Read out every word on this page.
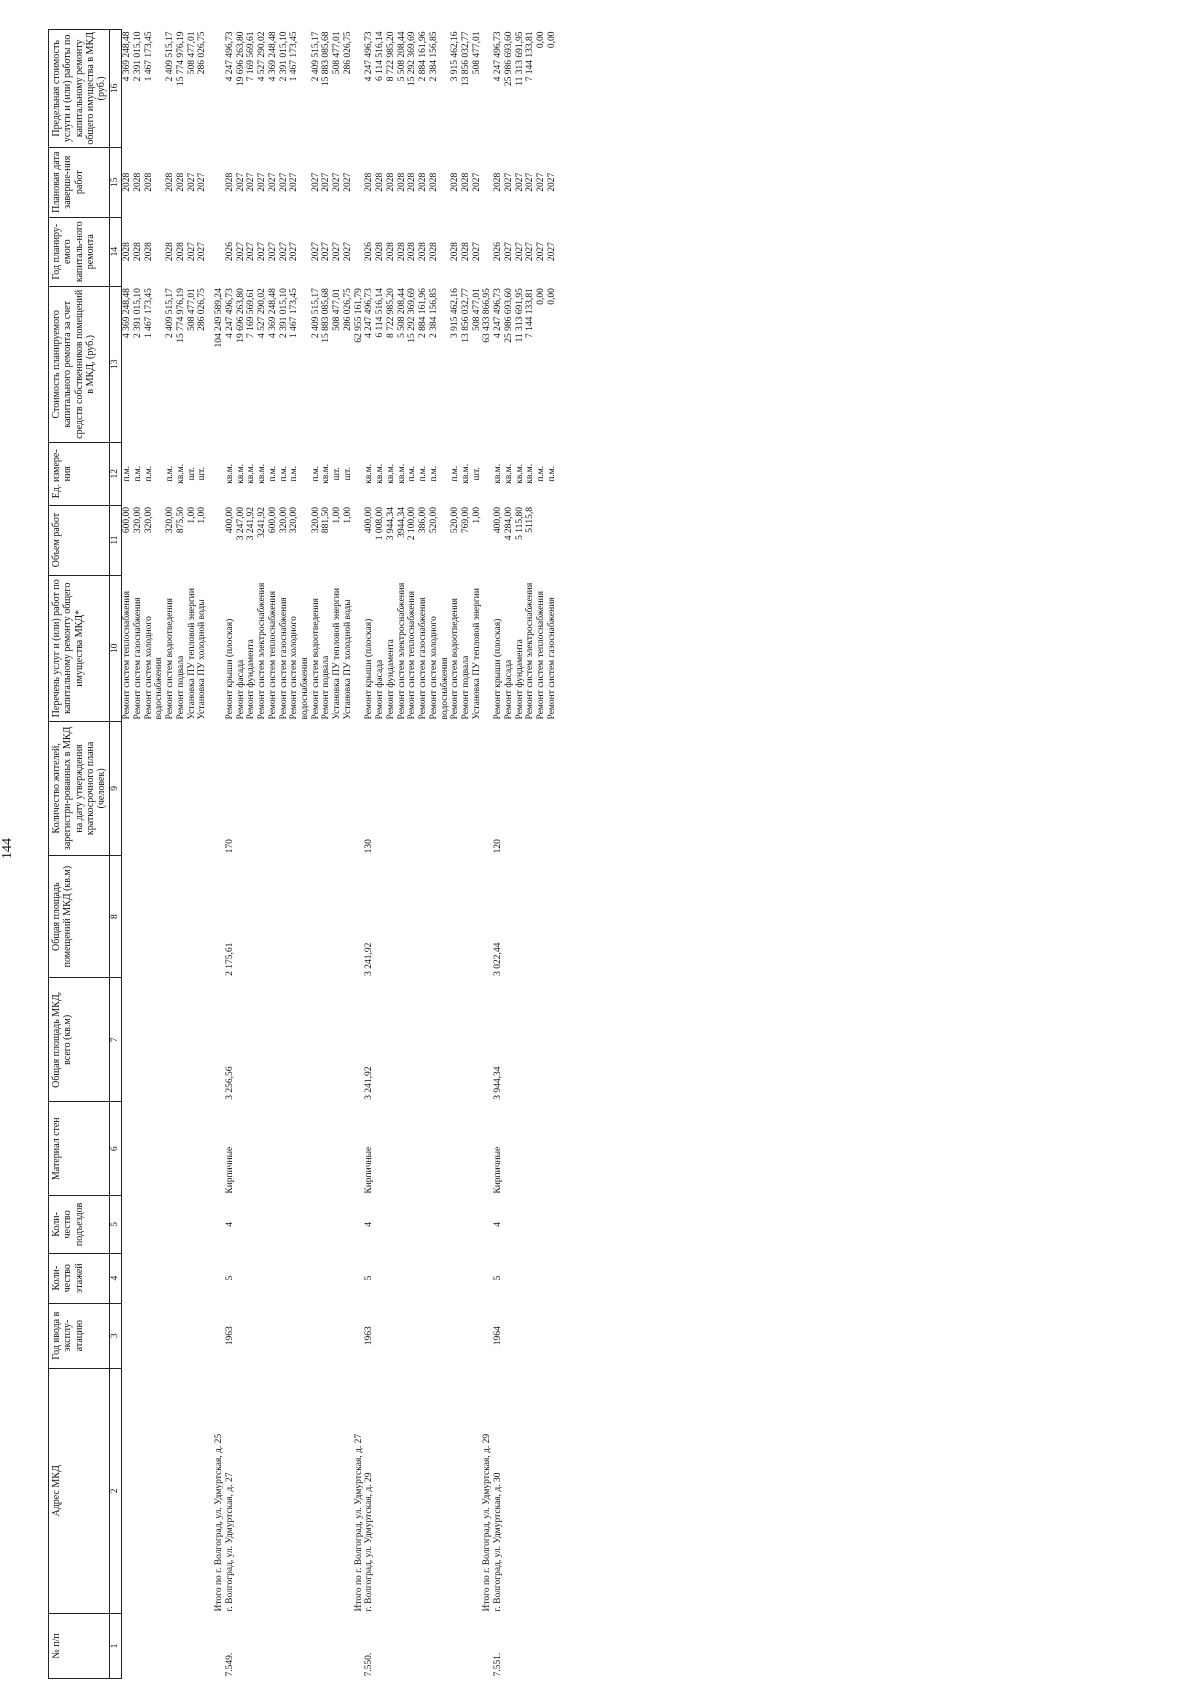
144
№ п/п	Адрес МКД	Год ввода в эксплу-атацию	Коли-чество этажей	Коли-чество подъездов	Материал стен	Общая площадь МКД, всего (кв.м)	Общая площадь помещений МКД (кв.м)	Количество жителей, зарегистри-рованных в МКД на дату утверждения краткосрочного плана (человек)	Перечень услуг и (или) работ по капитальному ремонту общего имущества МКД*	Объем работ	Ед. измере-ния	Стоимость планируемого капитального ремонта за счет средств собственников помещений в МКД, (руб.)	Год планиру-емого капиталь-ного ремонта	Плановая дата заверше-ния работ	Предельная стоимость услуги и (или) работы по капитальному ремонту общего имущества в МКД (руб.)
1	2	3	4	5	6	7	8	9	10	11	12	13	14	15	16
									Ремонт систем теплоснабжения	600,00	п.м.	4 369 248,48	2028	2028	4 369 248,48
									Ремонт систем газоснабжения	320,00	п.м.	2 391 015,10	2028	2028	2 391 015,10
									Ремонт систем холодного водоснабжения	320,00	п.м.	1 467 173,45	2028	2028	1 467 173,45
									Ремонт систем водоотведения	320,00	п.м.	2 409 515,17	2028	2028	2 409 515,17
									Ремонт подвала	875,50	кв.м.	15 774 976,19	2028	2028	15 774 976,19
									Установка ПУ тепловой энергии	1,00	шт.	508 477,01	2027	2027	508 477,01
									Установка ПУ холодной воды	1,00	шт.	286 026,75	2027	2027	286 026,75
	Итого по г. Волгоград, ул. Удмуртская, д. 25											104 249 589,24			
7.549.	г. Волгоград, ул. Удмуртская, д. 27	1963	5	4	Кирпичные	3 256,56	2 175,61	170	Ремонт крыши (плоская)	400,00	кв.м.	4 247 496,73	2026	2028	4 247 496,73
									Ремонт фасада	3 247,00	кв.м.	19 696 263,80	2027	2027	19 696 263,80
									Ремонт фундамента	3 241,92	кв.м.	7 169 569,61	2027	2027	7 169 569,61
									Ремонт систем электроснабжения	3241,92	кв.м.	4 527 290,02	2027	2027	4 527 290,02
									Ремонт систем теплоснабжения	600,00	п.м.	4 369 248,48	2027	2027	4 369 248,48
									Ремонт систем газоснабжения	320,00	п.м.	2 391 015,10	2027	2027	2 391 015,10
									Ремонт систем холодного водоснабжения	320,00	п.м.	1 467 173,45	2027	2027	1 467 173,45
									Ремонт систем водоотведения	320,00	п.м.	2 409 515,17	2027	2027	2 409 515,17
									Ремонт подвала	881,50	кв.м.	15 883 085,68	2027	2027	15 883 085,68
									Установка ПУ тепловой энергии	1,00	шт.	508 477,01	2027	2027	508 477,01
									Установка ПУ холодной воды	1,00	шт.	286 026,75	2027	2027	286 026,75
	Итого по г. Волгоград, ул. Удмуртская, д. 27											62 955 161,79			
7.550.	г. Волгоград, ул. Удмуртская, д. 29	1963	5	4	Кирпичные	3 241,92	3 241,92	130	Ремонт крыши (плоская)	400,00	кв.м.	4 247 496,73	2026	2028	4 247 496,73
									Ремонт фасада	1 008,00	кв.м.	6 114 516,14	2028	2028	6 114 516,14
									Ремонт фундамента	3 944,34	кв.м.	8 722 985,20	2028	2028	8 722 985,20
									Ремонт систем электроснабжения	3944,34	кв.м.	5 508 208,44	2028	2028	5 508 208,44
									Ремонт систем теплоснабжения	2 100,00	п.м.	15 292 369,69	2028	2028	15 292 369,69
									Ремонт систем газоснабжения	386,00	п.м.	2 884 161,96	2028	2028	2 884 161,96
									Ремонт систем холодного водоснабжения	520,00	п.м.	2 384 156,85	2028	2028	2 384 156,85
									Ремонт систем водоотведения	520,00	п.м.	3 915 462,16	2028	2028	3 915 462,16
									Ремонт подвала	769,00	кв.м.	13 856 032,77	2028	2028	13 856 032,77
									Установка ПУ тепловой энергии	1,00	шт.	508 477,01	2027	2027	508 477,01
	Итого по г. Волгоград, ул. Удмуртская, д. 29											63 433 866,95			
7.551.	г. Волгоград, ул. Удмуртская, д. 30	1964	5	4	Кирпичные	3 944,34	3 022,44	120	Ремонт крыши (плоская)	400,00	кв.м.	4 247 496,73	2026	2028	4 247 496,73
									Ремонт фасада	4 284,00	кв.м.	25 986 693,60	2027	2027	25 986 693,60
									Ремонт фундамента	5 115,80	кв.м.	11 313 691,95	2027	2027	11 313 691,95
									Ремонт систем электроснабжения	5115,8	кв.м.	7 144 133,81	2027	2027	7 144 133,81
									Ремонт систем теплоснабжения		п.м.	0,00	2027	2027	0,00
									Ремонт систем газоснабжения		п.м.	0,00	2027	2027	0,00
